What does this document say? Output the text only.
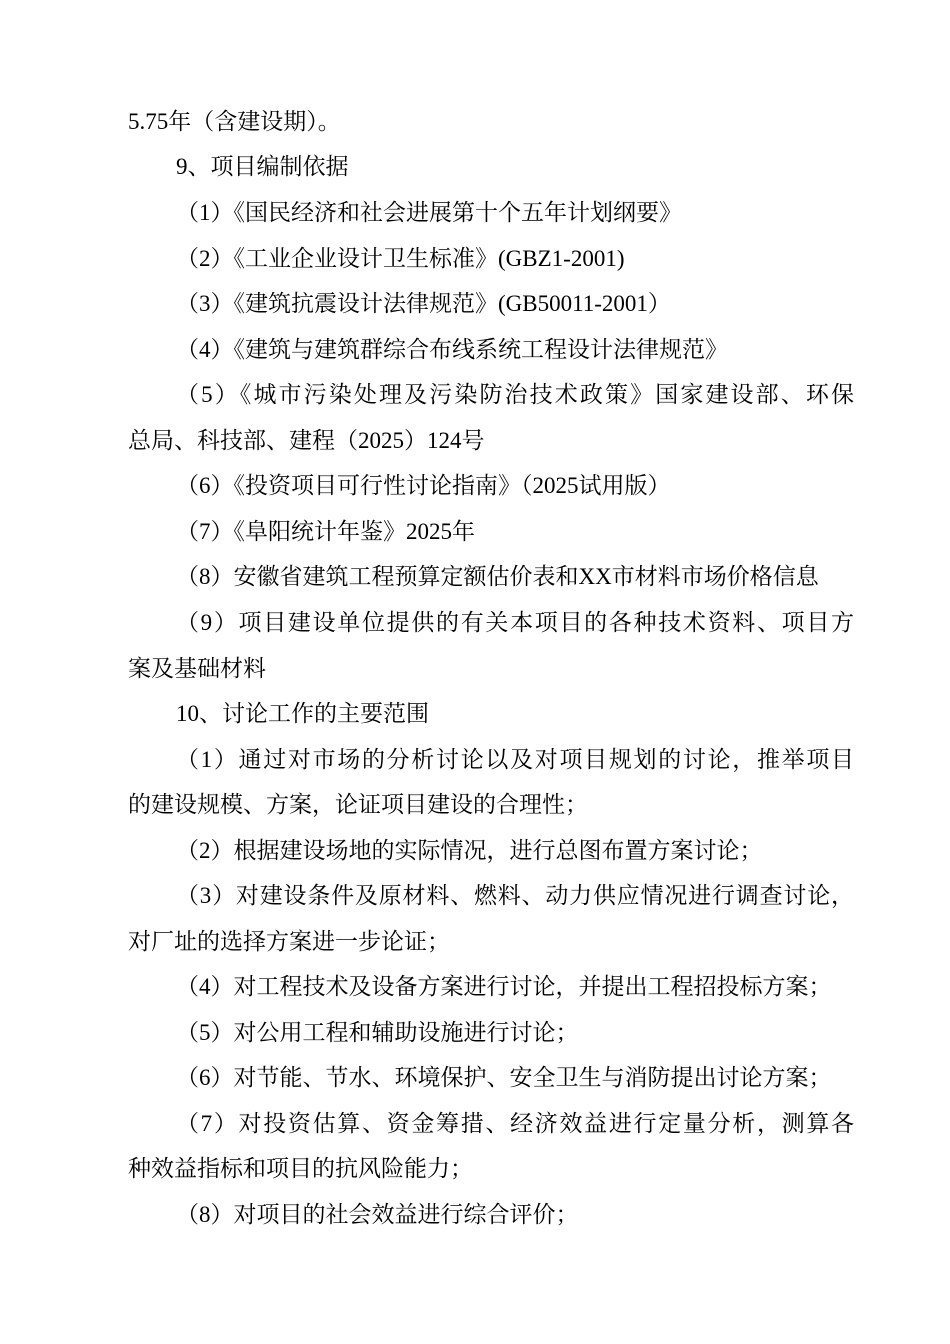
5.75年（含建设期）。
9、项目编制依据
（1）《国民经济和社会进展第十个五年计划纲要》
（2）《工业企业设计卫生标准》(GBZ1-2001)
（3）《建筑抗震设计法律规范》(GB50011-2001）
（4）《建筑与建筑群综合布线系统工程设计法律规范》
（5）《城市污染处理及污染防治技术政策》国家建设部、环保
总局、科技部、建程（2025）124号
（6）《投资项目可行性讨论指南》（2025试用版）
（7）《阜阳统计年鉴》2025年
（8）安徽省建筑工程预算定额估价表和XX市材料市场价格信息
（9）项目建设单位提供的有关本项目的各种技术资料、项目方
案及基础材料
10、讨论工作的主要范围
（1）通过对市场的分析讨论以及对项目规划的讨论，推举项目
的建设规模、方案，论证项目建设的合理性；
（2）根据建设场地的实际情况，进行总图布置方案讨论；
（3）对建设条件及原材料、燃料、动力供应情况进行调查讨论，
对厂址的选择方案进一步论证；
（4）对工程技术及设备方案进行讨论，并提出工程招投标方案；
（5）对公用工程和辅助设施进行讨论；
（6）对节能、节水、环境保护、安全卫生与消防提出讨论方案；
（7）对投资估算、资金筹措、经济效益进行定量分析，测算各
种效益指标和项目的抗风险能力；
（8）对项目的社会效益进行综合评价；
